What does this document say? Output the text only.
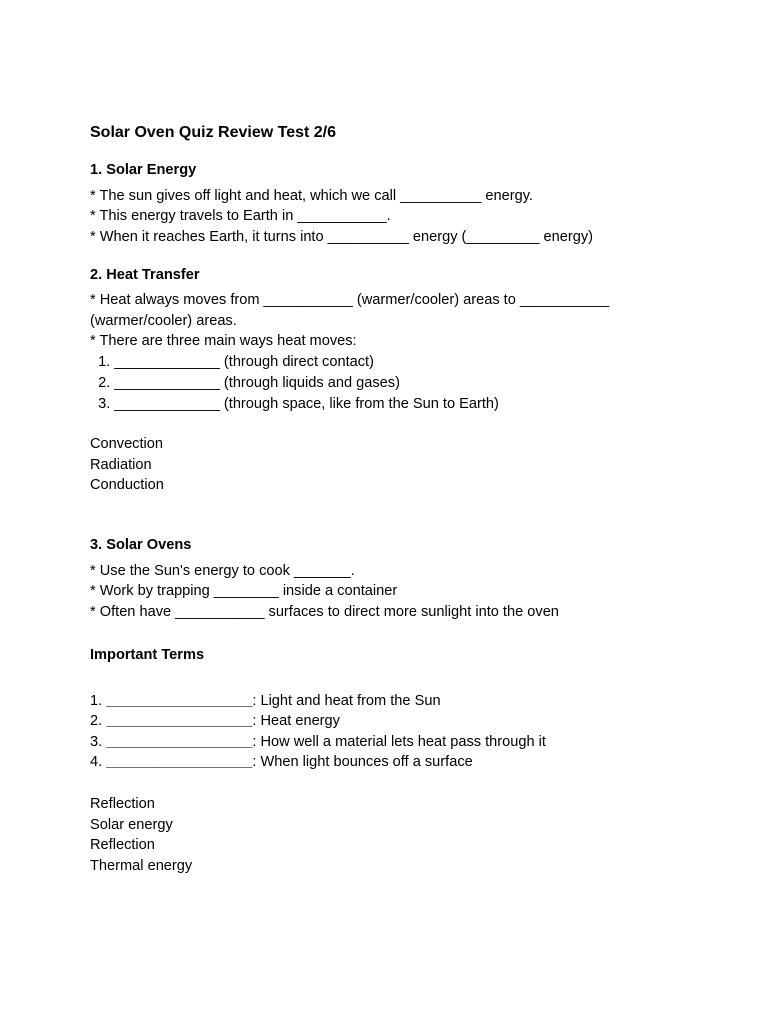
Solar Oven Quiz Review Test 2/6
1. Solar Energy
* The sun gives off light and heat, which we call __________ energy.
* This energy travels to Earth in ___________.
* When it reaches Earth, it turns into __________ energy (_________ energy)
2. Heat Transfer
* Heat always moves from ___________ (warmer/cooler) areas to ___________
(warmer/cooler) areas.
* There are three main ways heat moves:
1. _____________ (through direct contact)
2. _____________ (through liquids and gases)
3. _____________ (through space, like from the Sun to Earth)
Convection
Radiation
Conduction
3. Solar Ovens
* Use the Sun's energy to cook _______.
* Work by trapping ________ inside a container
* Often have ___________ surfaces to direct more sunlight into the oven
Important Terms
1. __________________: Light and heat from the Sun
2. __________________: Heat energy
3. __________________: How well a material lets heat pass through it
4. __________________: When light bounces off a surface
Reflection
Solar energy
Reflection
Thermal energy
